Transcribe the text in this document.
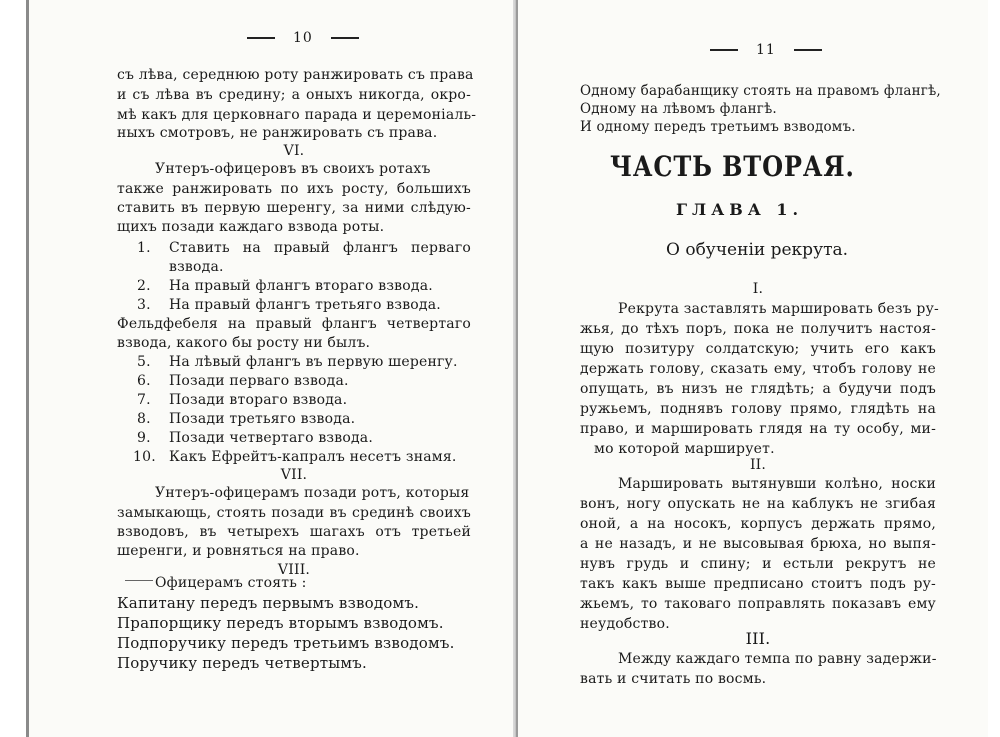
10
съ лѣва, середнюю роту ранжировать съ права
и съ лѣва въ средину; а оныхъ никогда, окро-
мѣ какъ для церковнаго парада и церемоніаль-
ныхъ смотровъ, не ранжировать съ права.
VI.
Унтеръ-офицеровъ въ своихъ ротахъ
также ранжировать по ихъ росту, большихъ
ставить въ первую шеренгу, за ними слѣдую-
щихъ позади каждаго взвода роты.
1. Ставить на правый флангъ перваго
взвода.
2. На правый флангъ втораго взвода.
3. На правый флангъ третьяго взвода.
Фельдфебеля на правый флангъ четвертаго
взвода, какого бы росту ни былъ.
5. На лѣвый флангъ въ первую шеренгу.
6. Позади перваго взвода.
7. Позади втораго взвода.
8. Позади третьяго взвода.
9. Позади четвертаго взвода.
10. Какъ Ефрейтъ-капралъ несетъ знамя.
VII.
Унтеръ-офицерамъ позади ротъ, которыя
замыкающь, стоять позади въ срединѣ своихъ
взводовъ, въ четырехъ шагахъ отъ третьей
шеренги, и ровняться на право.
VIII.
Офицерамъ стоять :
Капитану передъ первымъ взводомъ.
Прапорщику передъ вторымъ взводомъ.
Подпоручику передъ третьимъ взводомъ.
Поручику передъ четвертымъ.
11
Одному барабанщику стоять на правомъ флангѣ,
Одному на лѣвомъ флангѣ.
И одному передъ третьимъ взводомъ.
ЧАСТЬ ВТОРАЯ.
ГЛАВА 1.
О обученіи рекрута.
I.
Рекрута заставлять маршировать безъ ру-
жья, до тѣхъ поръ, пока не получитъ настоя-
щую позитуру солдатскую; учить его какъ
держать голову, сказать ему, чтобъ голову не
опущать, въ низъ не глядѣть; а будучи подъ
ружьемъ, поднявъ голову прямо, глядѣть на
право, и маршировать глядя на ту особу, ми-
мо которой марширует.
II.
Маршировать вытянувши колѣно, носки
вонъ, ногу опускать не на каблукъ не згибая
оной, а на носокъ, корпусъ держать прямо,
а не назадъ, и не высовывая брюха, но выпя-
нувъ грудь и спину; и естьли рекрутъ не
такъ какъ выше предписано стоитъ подъ ру-
жьемъ, то таковаго поправлять показавъ ему
неудобство.
III.
Между каждаго темпа по равну задержи-
вать и считать по восмь.
